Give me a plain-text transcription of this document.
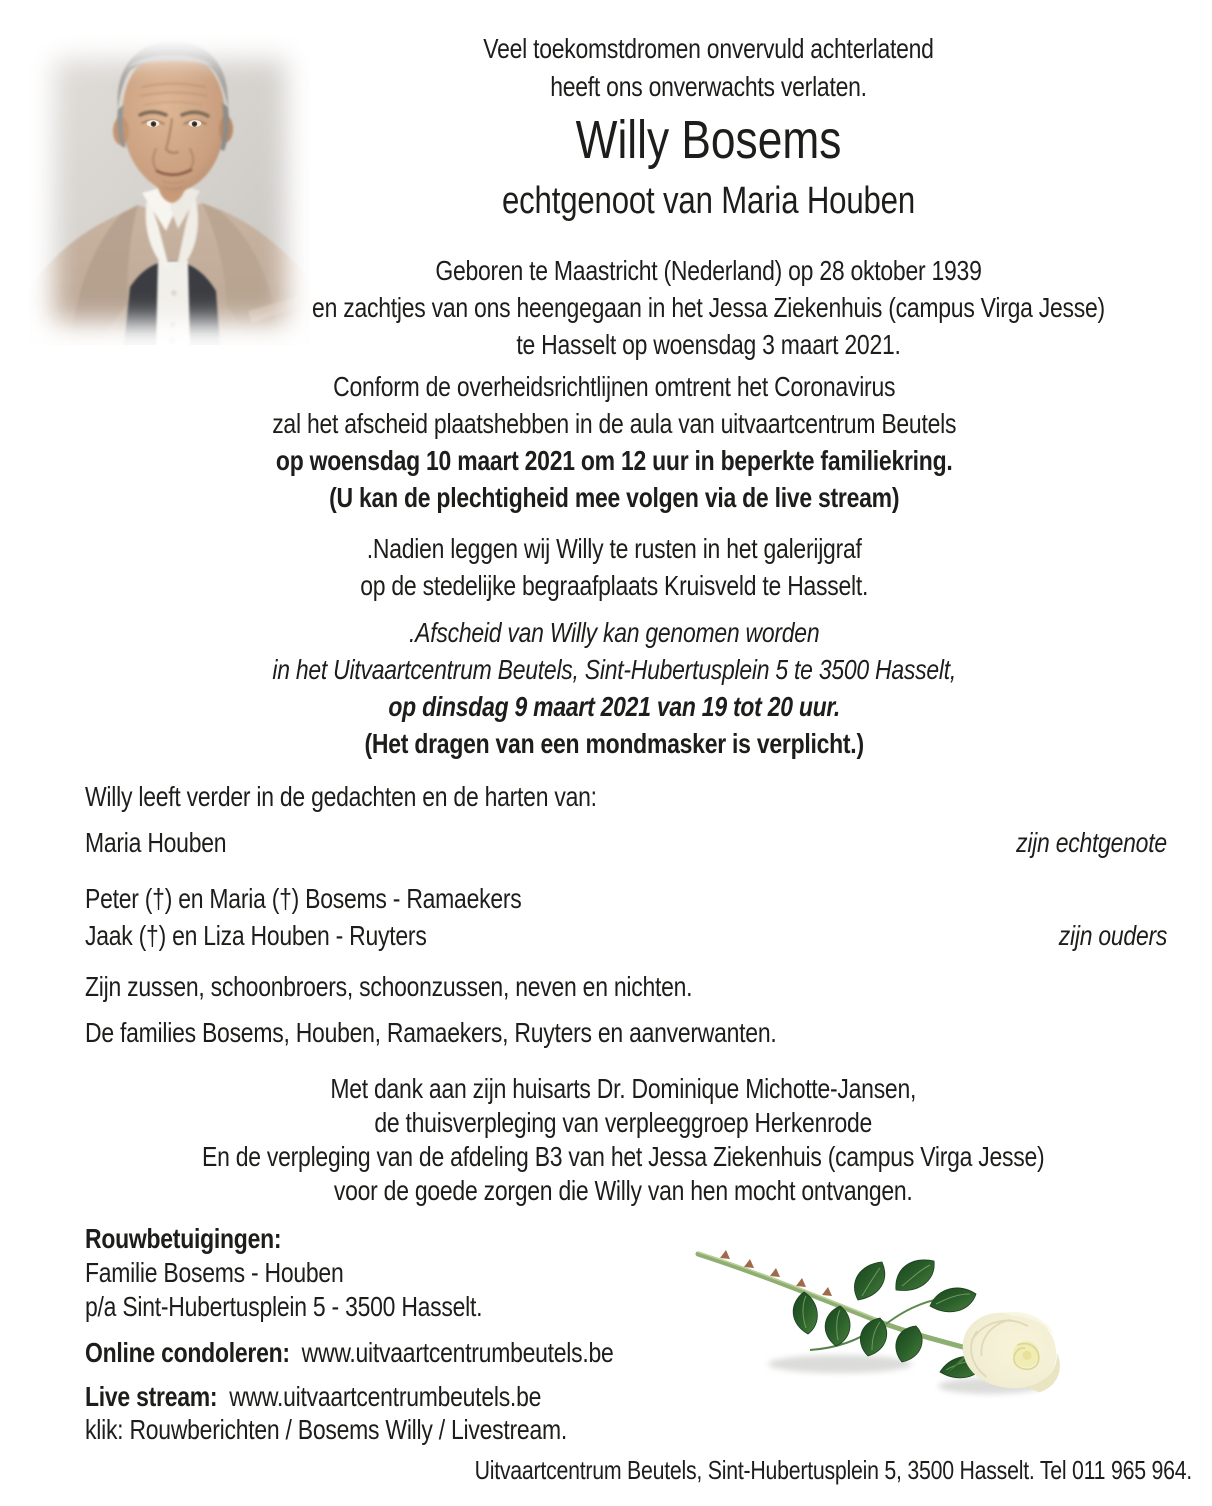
Veel toekomstdromen onvervuld achterlatend
heeft ons onverwachts verlaten.
Willy Bosems
echtgenoot van Maria Houben
Geboren te Maastricht (Nederland) op 28 oktober 1939
en zachtjes van ons heengegaan in het Jessa Ziekenhuis (campus Virga Jesse)
te Hasselt op woensdag 3 maart 2021.
Conform de overheidsrichtlijnen omtrent het Coronavirus
zal het afscheid plaatshebben in de aula van uitvaartcentrum Beutels
op woensdag 10 maart 2021 om 12 uur in beperkte familiekring.
(U kan de plechtigheid mee volgen via de live stream)
.Nadien leggen wij Willy te rusten in het galerijgraf
op de stedelijke begraafplaats Kruisveld te Hasselt.
.Afscheid van Willy kan genomen worden
in het Uitvaartcentrum Beutels, Sint-Hubertusplein 5 te 3500 Hasselt,
op dinsdag 9 maart 2021 van 19 tot 20 uur.
(Het dragen van een mondmasker is verplicht.)
Willy leeft verder in de gedachten en de harten van:
Maria Houben	zijn echtgenote
Peter (†) en Maria (†) Bosems - Ramaekers
Jaak (†) en Liza Houben - Ruyters	zijn ouders
Zijn zussen, schoonbroers, schoonzussen, neven en nichten.
De families Bosems, Houben, Ramaekers, Ruyters en aanverwanten.
Met dank aan zijn huisarts Dr. Dominique Michotte-Jansen,
de thuisverpleging van verpleeggroep Herkenrode
En de verpleging van de afdeling B3 van het Jessa Ziekenhuis (campus Virga Jesse)
voor de goede zorgen die Willy van hen mocht ontvangen.
Rouwbetuigingen:
Familie Bosems - Houben
p/a Sint-Hubertusplein 5 - 3500 Hasselt.
Online condoleren: www.uitvaartcentrumbeutels.be
Live stream: www.uitvaartcentrumbeutels.be
klik: Rouwberichten / Bosems Willy / Livestream.
Uitvaartcentrum Beutels, Sint-Hubertusplein 5, 3500 Hasselt. Tel 011 965 964.
